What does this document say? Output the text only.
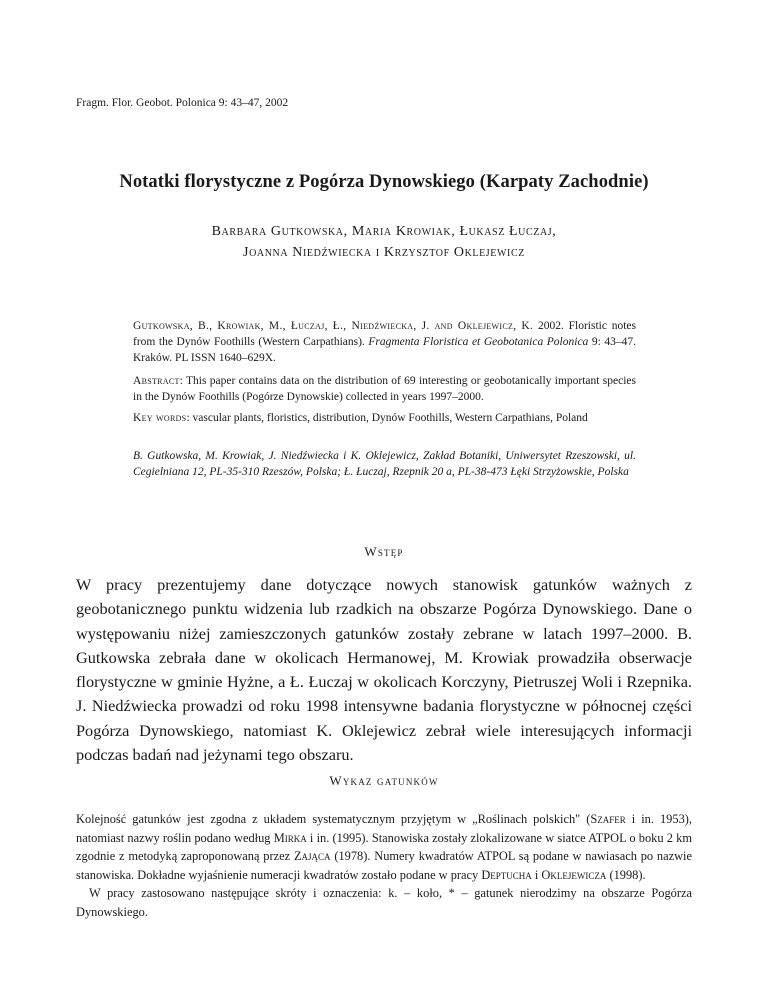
Fragm. Flor. Geobot. Polonica 9: 43–47, 2002
Notatki florystyczne z Pogórza Dynowskiego (Karpaty Zachodnie)
Barbara Gutkowska, Maria Krowiak, Łukasz Łuczaj,
Joanna Niedźwiecka i Krzysztof Oklejewicz
Gutkowska, B., Krowiak, M., Łuczaj, Ł., Niedźwiecka, J. and Oklejewicz, K. 2002. Floristic notes from the Dynów Foothills (Western Carpathians). Fragmenta Floristica et Geobotanica Polonica 9: 43–47. Kraków. PL ISSN 1640–629X.
Abstract: This paper contains data on the distribution of 69 interesting or geobotanically important species in the Dynów Foothills (Pogórze Dynowskie) collected in years 1997–2000.
Key words: vascular plants, floristics, distribution, Dynów Foothills, Western Carpathians, Poland
B. Gutkowska, M. Krowiak, J. Niedźwiecka i K. Oklejewicz, Zakład Botaniki, Uniwersytet Rzeszowski, ul. Cegielniana 12, PL-35-310 Rzeszów, Polska; Ł. Łuczaj, Rzepnik 20 a, PL-38-473 Łęki Strzyżowskie, Polska
Wstęp
W pracy prezentujemy dane dotyczące nowych stanowisk gatunków ważnych z geobotanicznego punktu widzenia lub rzadkich na obszarze Pogórza Dynowskiego. Dane o występowaniu niżej zamieszczonych gatunków zostały zebrane w latach 1997–2000. B. Gutkowska zebrała dane w okolicach Hermanowej, M. Krowiak prowadziła obserwacje florystyczne w gminie Hyżne, a Ł. Łuczaj w okolicach Korczyny, Pietruszej Woli i Rzepnika. J. Niedźwiecka prowadzi od roku 1998 intensywne badania florystyczne w północnej części Pogórza Dynowskiego, natomiast K. Oklejewicz zebrał wiele interesujących informacji podczas badań nad jeżynami tego obszaru.
Wykaz gatunków
Kolejność gatunków jest zgodna z układem systematycznym przyjętym w „Roślinach polskich" (Szafer i in. 1953), natomiast nazwy roślin podano według Mirka i in. (1995). Stanowiska zostały zlokalizowane w siatce ATPOL o boku 2 km zgodnie z metodyką zaproponowaną przez Zająca (1978). Numery kwadratów ATPOL są podane w nawiasach po nazwie stanowiska. Dokładne wyjaśnienie numeracji kwadratów zostało podane w pracy Deptucha i Oklejewicza (1998).
W pracy zastosowano następujące skróty i oznaczenia: k. – koło, * – gatunek nierodzimy na obszarze Pogórza Dynowskiego.
